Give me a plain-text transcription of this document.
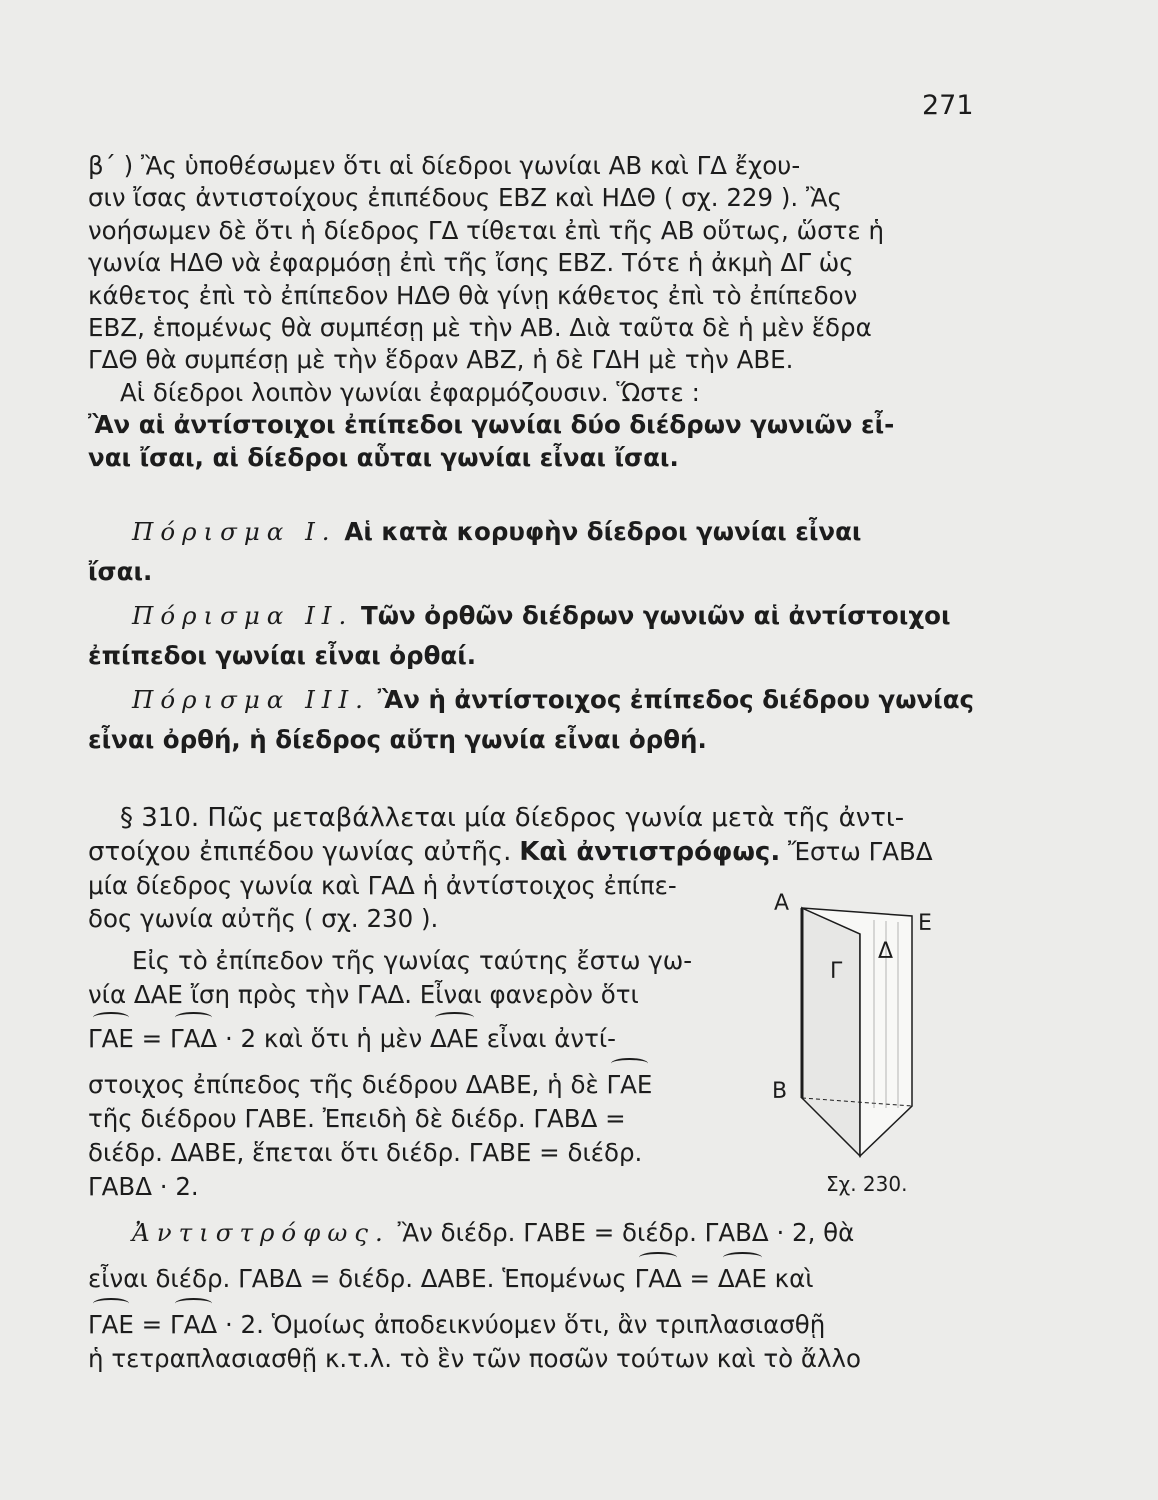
271
β΄ ) Ἂς ὑποθέσωμεν ὅτι αἱ δίεδροι γωνίαι ΑΒ καὶ ΓΔ ἔχου-
σιν ἴσας ἀντιστοίχους ἐπιπέδους ΕΒΖ καὶ ΗΔΘ ( σχ. 229 ). Ἂς
νοήσωμεν δὲ ὅτι ἡ δίεδρος ΓΔ τίθεται ἐπὶ τῆς ΑΒ οὕτως, ὥστε ἡ
γωνία ΗΔΘ νὰ ἐφαρμόσῃ ἐπὶ τῆς ἴσης ΕΒΖ. Τότε ἡ ἀκμὴ ΔΓ ὡς
κάθετος ἐπὶ τὸ ἐπίπεδον ΗΔΘ θὰ γίνῃ κάθετος ἐπὶ τὸ ἐπίπεδον
ΕΒΖ, ἑπομένως θὰ συμπέσῃ μὲ τὴν ΑΒ. Διὰ ταῦτα δὲ ἡ μὲν ἕδρα
ΓΔΘ θὰ συμπέσῃ μὲ τὴν ἕδραν ΑΒΖ, ἡ δὲ ΓΔΗ μὲ τὴν ΑΒΕ.
Αἱ δίεδροι λοιπὸν γωνίαι ἐφαρμόζουσιν. Ὥστε :
Ἂν αἱ ἀντίστοιχοι ἐπίπεδοι γωνίαι δύο διέδρων γωνιῶν εἶ-
ναι ἴσαι, αἱ δίεδροι αὗται γωνίαι εἶναι ἴσαι.
Πόρισμα Ι. Αἱ κατὰ κορυφὴν δίεδροι γωνίαι εἶναι
ἴσαι.
Πόρισμα ΙΙ. Τῶν ὀρθῶν διέδρων γωνιῶν αἱ ἀντίστοιχοι
ἐπίπεδοι γωνίαι εἶναι ὀρθαί.
Πόρισμα ΙΙΙ. Ἂν ἡ ἀντίστοιχος ἐπίπεδος διέδρου γωνίας
εἶναι ὀρθή, ἡ δίεδρος αὕτη γωνία εἶναι ὀρθή.
§ 310. Πῶς μεταβάλλεται μία δίεδρος γωνία μετὰ τῆς ἀντι-
στοίχου ἐπιπέδου γωνίας αὐτῆς. Καὶ ἀντιστρόφως. Ἔστω ΓΑΒΔ
μία δίεδρος γωνία καὶ ΓΑΔ ἡ ἀντίστοιχος ἐπίπε-
δος γωνία αὐτῆς ( σχ. 230 ).
Εἰς τὸ ἐπίπεδον τῆς γωνίας ταύτης ἔστω γω-
νία ΔΑΕ ἴση πρὸς τὴν ΓΑΔ. Εἶναι φανερὸν ὅτι
ΓΑΕ = ΓΑΔ · 2 καὶ ὅτι ἡ μὲν ΔΑΕ εἶναι ἀντί-
στοιχος ἐπίπεδος τῆς διέδρου ΔΑΒΕ, ἡ δὲ ΓΑΕ
τῆς διέδρου ΓΑΒΕ. Ἐπειδὴ δὲ διέδρ. ΓΑΒΔ =
διέδρ. ΔΑΒΕ, ἕπεται ὅτι διέδρ. ΓΑΒΕ = διέδρ.
ΓΑΒΔ · 2.
Α
Ε
Δ
Γ
Β
Σχ. 230.
Ἀντιστρόφως. Ἂν διέδρ. ΓΑΒΕ = διέδρ. ΓΑΒΔ · 2, θὰ
εἶναι διέδρ. ΓΑΒΔ = διέδρ. ΔΑΒΕ. Ἑπομένως ΓΑΔ = ΔΑΕ καὶ
ΓΑΕ = ΓΑΔ · 2. Ὁμοίως ἀποδεικνύομεν ὅτι, ἂν τριπλασιασθῇ
ἡ τετραπλασιασθῇ κ.τ.λ. τὸ ἓν τῶν ποσῶν τούτων καὶ τὸ ἄλλο
